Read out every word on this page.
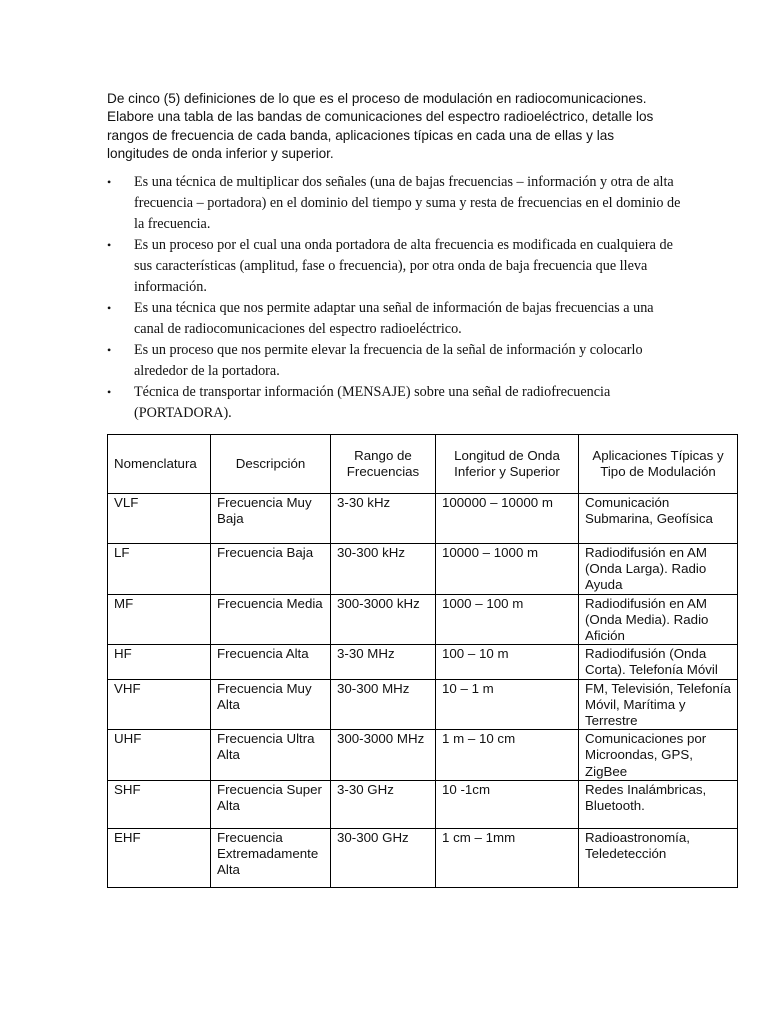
De cinco (5) definiciones de lo que es el proceso de modulación en radiocomunicaciones. Elabore una tabla de las bandas de comunicaciones del espectro radioeléctrico, detalle los rangos de frecuencia de cada banda, aplicaciones típicas en cada una de ellas y las longitudes de onda inferior y superior.

• Es una técnica de multiplicar dos señales (una de bajas frecuencias – información y otra de alta frecuencia – portadora) en el dominio del tiempo y suma y resta de frecuencias en el dominio de la frecuencia.
• Es un proceso por el cual una onda portadora de alta frecuencia es modificada en cualquiera de sus características (amplitud, fase o frecuencia), por otra onda de baja frecuencia que lleva información.
• Es una técnica que nos permite adaptar una señal de información de bajas frecuencias a una canal de radiocomunicaciones del espectro radioeléctrico.
• Es un proceso que nos permite elevar la frecuencia de la señal de información y colocarlo alrededor de la portadora.
• Técnica de transportar información (MENSAJE) sobre una señal de radiofrecuencia (PORTADORA).
Nomenclatura	Descripción	Rango de Frecuencias	Longitud de Onda Inferior y Superior	Aplicaciones Típicas y Tipo de Modulación
VLF	Frecuencia Muy Baja	3-30 kHz	100000 – 10000 m	Comunicación Submarina, Geofísica
LF	Frecuencia Baja	30-300 kHz	10000 – 1000 m	Radiodifusión en AM (Onda Larga). Radio Ayuda
MF	Frecuencia Media	300-3000 kHz	1000 – 100 m	Radiodifusión en AM (Onda Media). Radio Afición
HF	Frecuencia Alta	3-30 MHz	100 – 10 m	Radiodifusión (Onda Corta). Telefonía Móvil
VHF	Frecuencia Muy Alta	30-300 MHz	10 – 1 m	FM, Televisión, Telefonía Móvil, Marítima y Terrestre
UHF	Frecuencia Ultra Alta	300-3000 MHz	1 m – 10 cm	Comunicaciones por Microondas, GPS, ZigBee
SHF	Frecuencia Super Alta	3-30 GHz	10 -1cm	Redes Inalámbricas, Bluetooth.
EHF	Frecuencia Extremadamente Alta	30-300 GHz	1 cm – 1mm	Radioastronomía, Teledetección
